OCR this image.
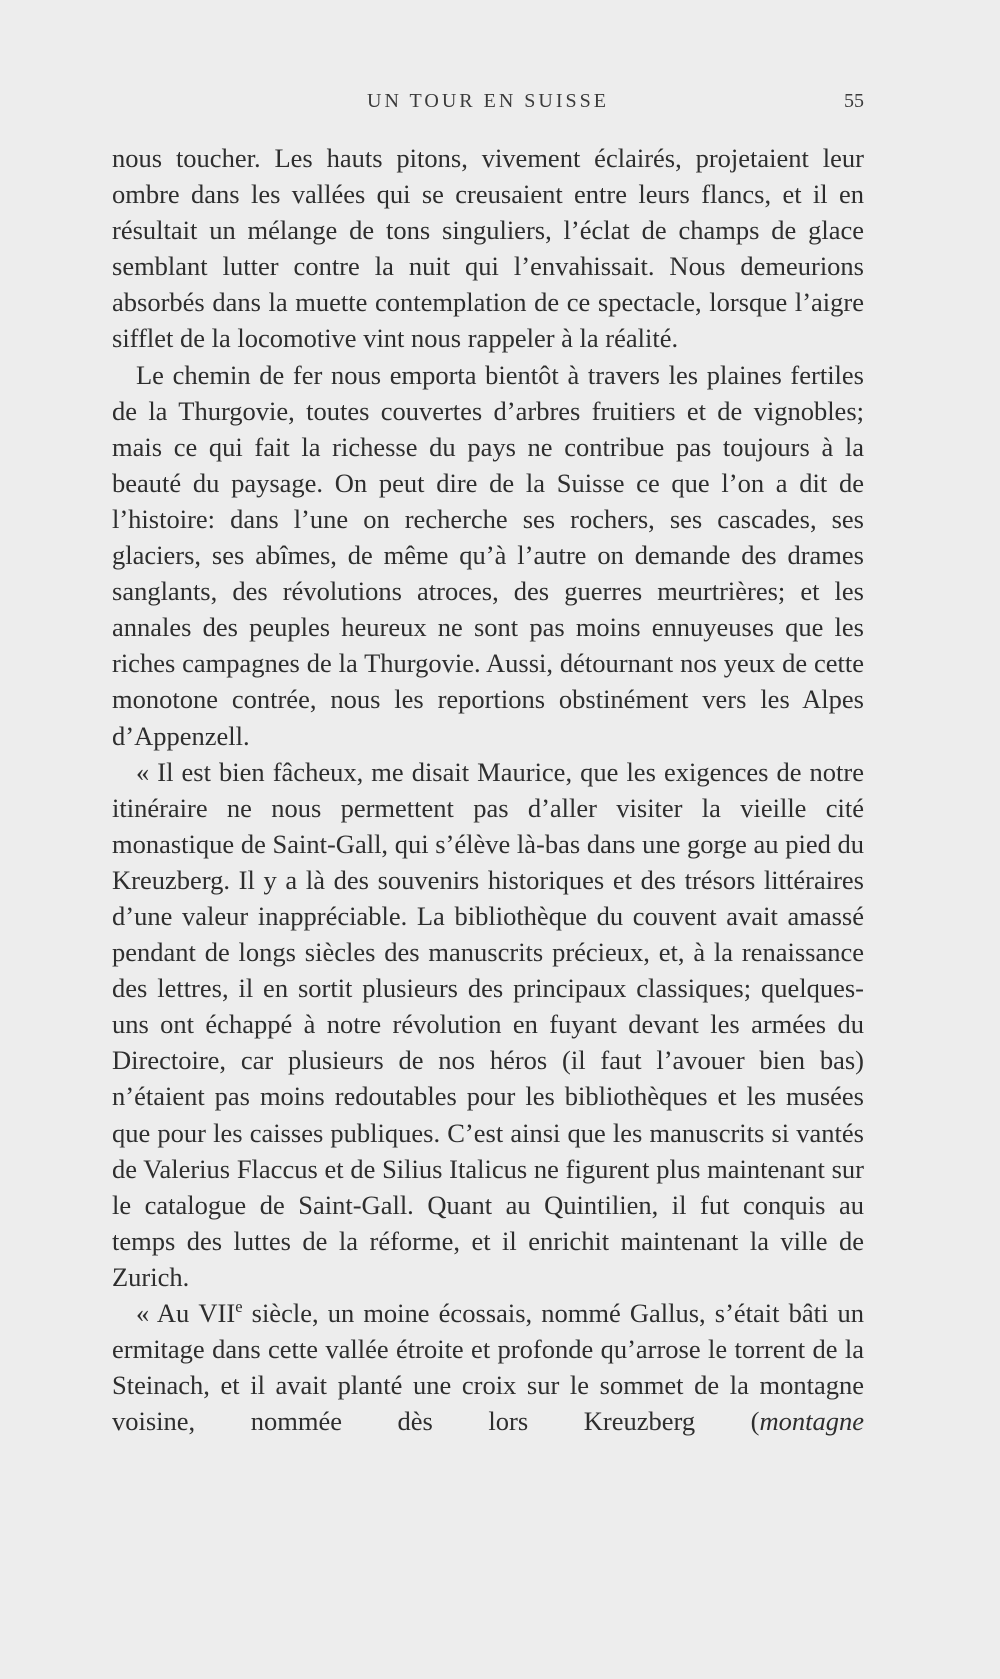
UN TOUR EN SUISSE	55

nous toucher. Les hauts pitons, vivement éclairés, projetaient leur ombre dans les vallées qui se creusaient entre leurs flancs, et il en résultait un mélange de tons singuliers, l’éclat de champs de glace semblant lutter contre la nuit qui l’envahissait. Nous demeurions absorbés dans la muette contemplation de ce spectacle, lorsque l’aigre sifflet de la locomotive vint nous rappeler à la réalité.

Le chemin de fer nous emporta bientôt à travers les plaines fertiles de la Thurgovie, toutes couvertes d’arbres fruitiers et de vignobles; mais ce qui fait la richesse du pays ne contribue pas toujours à la beauté du paysage. On peut dire de la Suisse ce que l’on a dit de l’histoire: dans l’une on recherche ses rochers, ses cascades, ses glaciers, ses abîmes, de même qu’à l’autre on demande des drames sanglants, des révolutions atroces, des guerres meurtrières; et les annales des peuples heureux ne sont pas moins ennuyeuses que les riches campagnes de la Thurgovie. Aussi, détournant nos yeux de cette monotone contrée, nous les reportions obstinément vers les Alpes d’Appenzell.

« Il est bien fâcheux, me disait Maurice, que les exigences de notre itinéraire ne nous permettent pas d’aller visiter la vieille cité monastique de Saint-Gall, qui s’élève là-bas dans une gorge au pied du Kreuzberg. Il y a là des souvenirs historiques et des trésors littéraires d’une valeur inappréciable. La bibliothèque du couvent avait amassé pendant de longs siècles des manuscrits précieux, et, à la renaissance des lettres, il en sortit plusieurs des principaux classiques; quelques-uns ont échappé à notre révolution en fuyant devant les armées du Directoire, car plusieurs de nos héros (il faut l’avouer bien bas) n’étaient pas moins redoutables pour les bibliothèques et les musées que pour les caisses publiques. C’est ainsi que les manuscrits si vantés de Valerius Flaccus et de Silius Italicus ne figurent plus maintenant sur le catalogue de Saint-Gall. Quant au Quintilien, il fut conquis au temps des luttes de la réforme, et il enrichit maintenant la ville de Zurich.

« Au VIIe siècle, un moine écossais, nommé Gallus, s’était bâti un ermitage dans cette vallée étroite et profonde qu’arrose le torrent de la Steinach, et il avait planté une croix sur le sommet de la montagne voisine, nommée dès lors Kreuzberg (montagne
